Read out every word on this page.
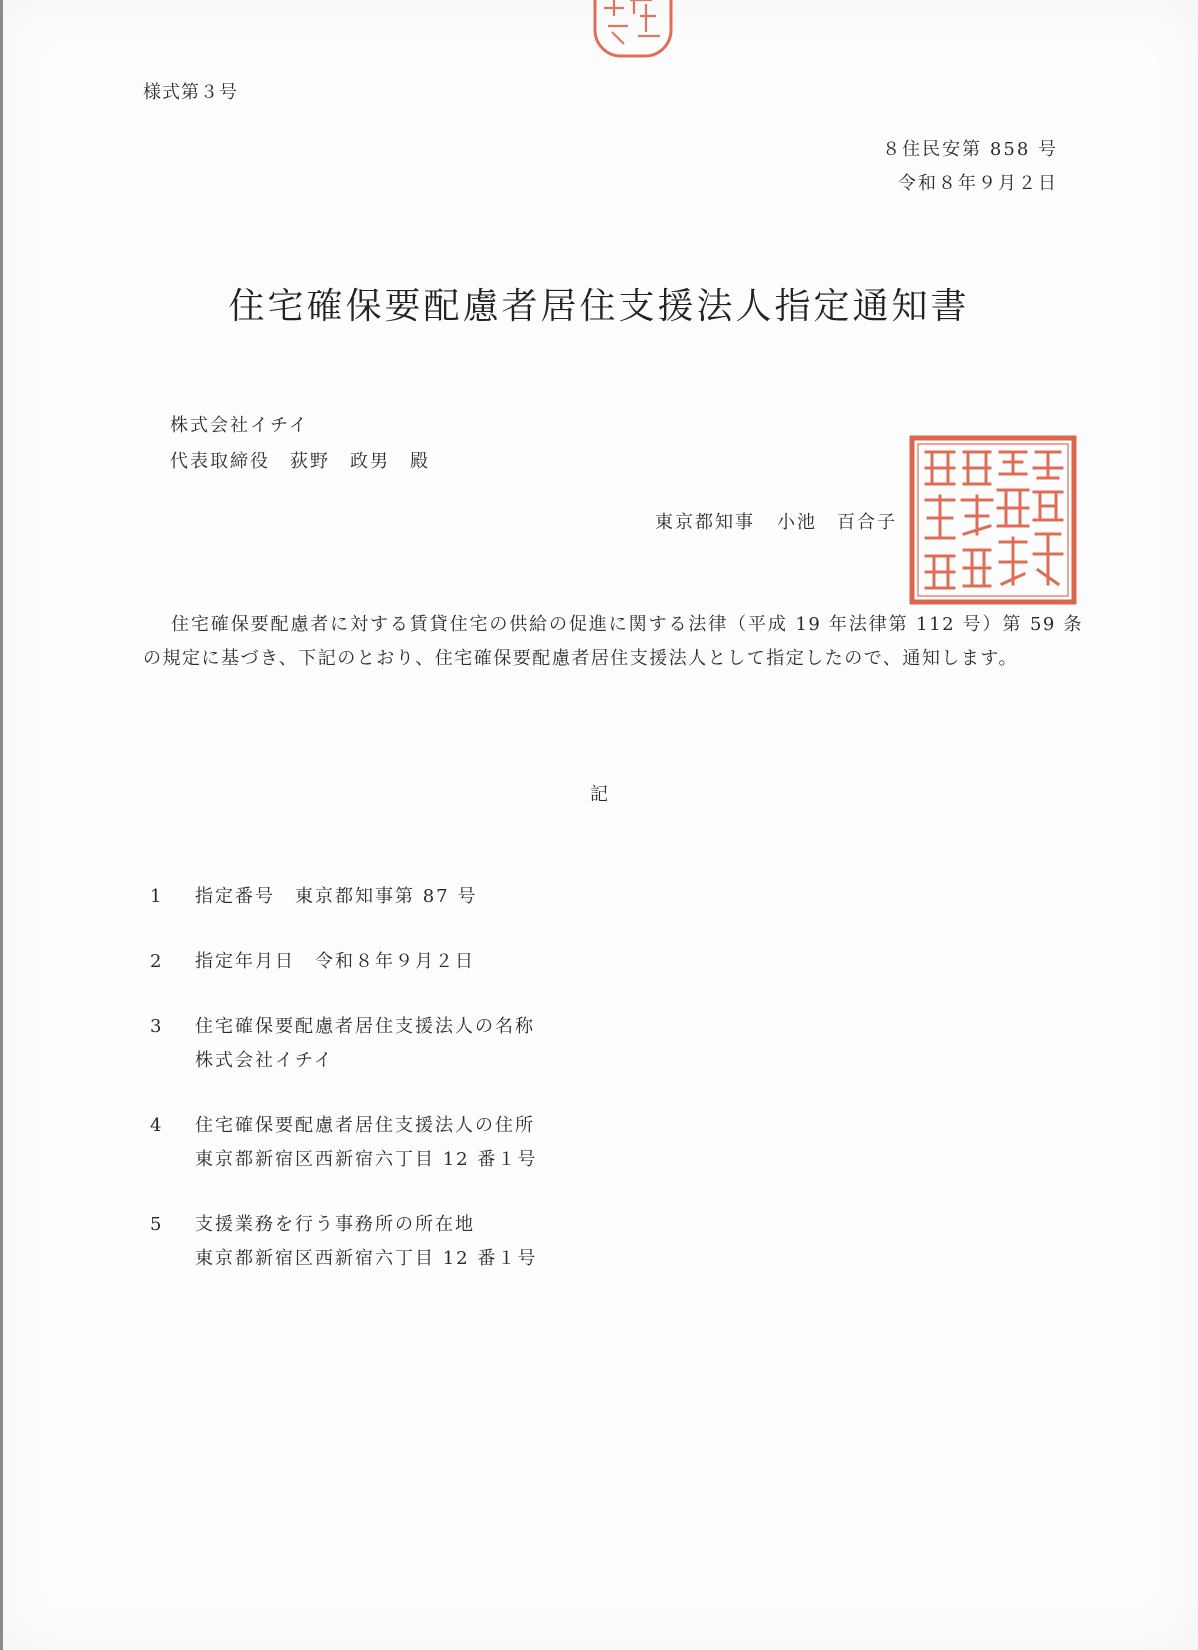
様式第３号
８住民安第 858 号
令和８年９月２日
住宅確保要配慮者居住支援法人指定通知書
株式会社イチイ
代表取締役 荻野　政男 殿
東京都知事 小池　百合子
住宅確保要配慮者に対する賃貸住宅の供給の促進に関する法律（平成 19 年法律第 112 号）第 59 条の規定に基づき、下記のとおり、住宅確保要配慮者居住支援法人として指定したので、通知します。
記
1	指定番号 東京都知事第 87 号
2	指定年月日 令和８年９月２日
3	住宅確保要配慮者居住支援法人の名称
株式会社イチイ
4	住宅確保要配慮者居住支援法人の住所
東京都新宿区西新宿六丁目 12 番１号
5	支援業務を行う事務所の所在地
東京都新宿区西新宿六丁目 12 番１号
